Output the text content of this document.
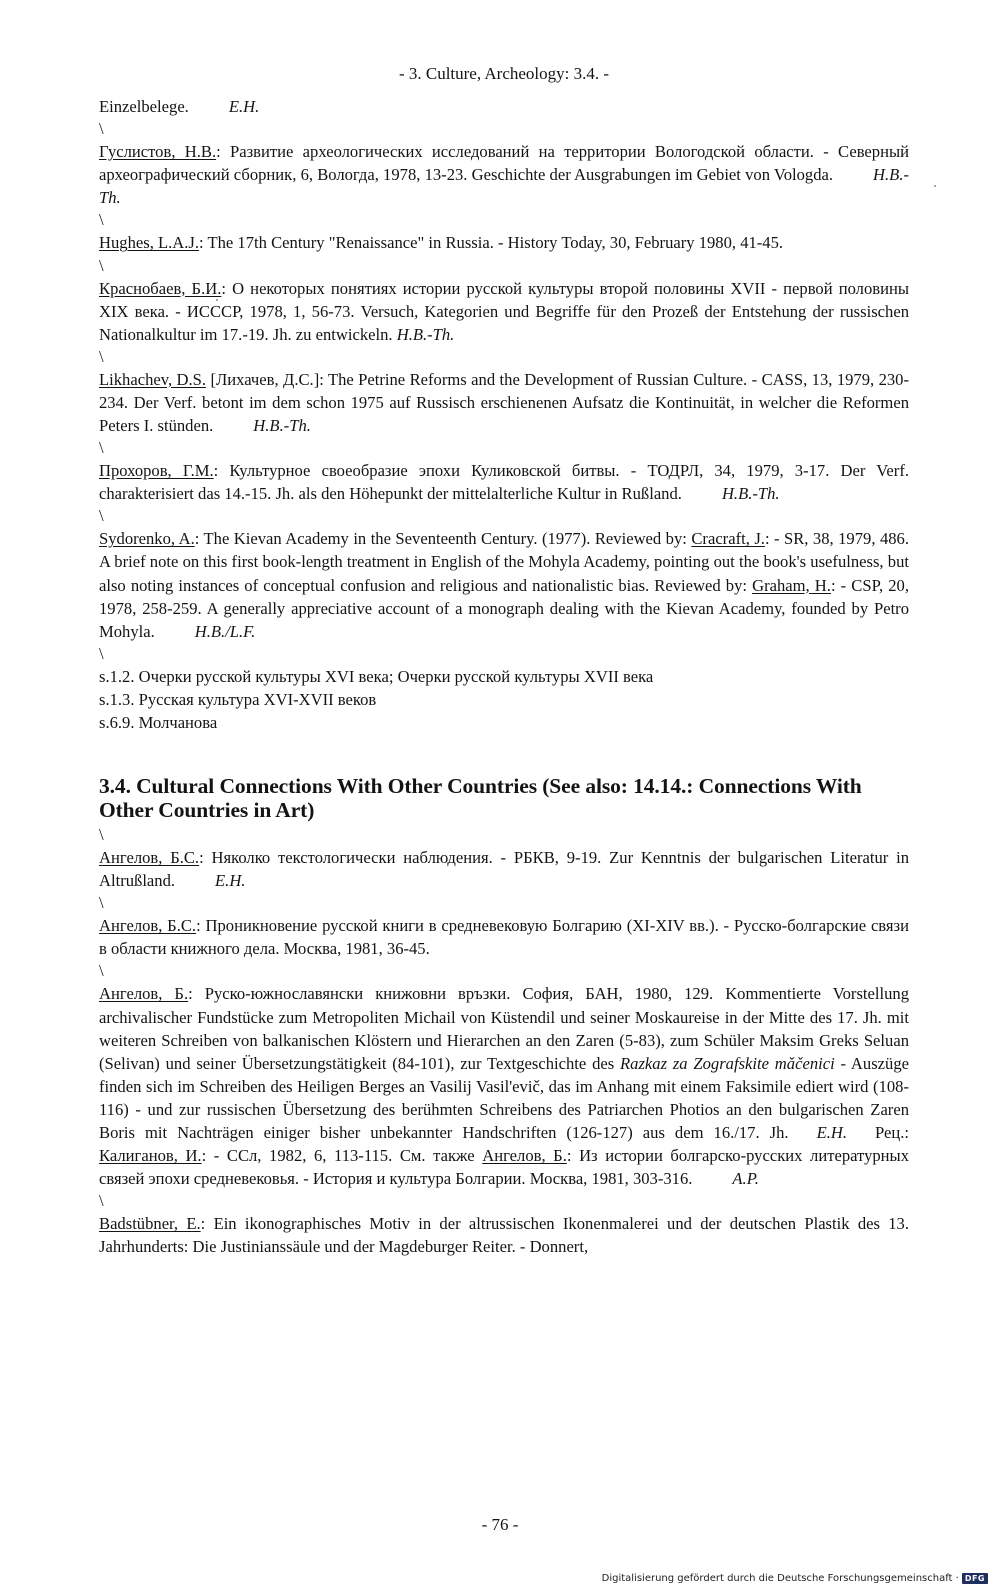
- 3. Culture, Archeology: 3.4. -

Einzelbelege. E.H.

\

Гуслистов, Н.В.: Развитие археологических исследований на территории Вологодской области. - Северный археографический сборник, 6, Вологда, 1978, 13-23. Geschichte der Ausgrabungen im Gebiet von Vologda. H.B.-Th.

\

Hughes, L.A.J.: The 17th Century "Renaissance" in Russia. - History Today, 30, February 1980, 41-45.

\

Краснобаев, Б.И.: О некоторых понятиях истории русской культуры второй половины XVII - первой половины XIX века. - ИСССР, 1978, 1, 56-73. Versuch, Kategorien und Begriffe für den Prozeß der Entstehung der russischen Nationalkultur im 17.-19. Jh. zu entwickeln. H.B.-Th.

\

Likhachev, D.S. [Лихачев, Д.С.]: The Petrine Reforms and the Development of Russian Culture. - CASS, 13, 1979, 230-234. Der Verf. betont im dem schon 1975 auf Russisch erschienenen Aufsatz die Kontinuität, in welcher die Reformen Peters I. stünden. H.B.-Th.

\

Прохоров, Г.М.: Культурное своеобразие эпохи Куликовской битвы. - ТОДРЛ, 34, 1979, 3-17. Der Verf. charakterisiert das 14.-15. Jh. als den Höhepunkt der mittelalterliche Kultur in Rußland. H.B.-Th.

\

Sydorenko, A.: The Kievan Academy in the Seventeenth Century. (1977). Reviewed by: Cracraft, J.: - SR, 38, 1979, 486. A brief note on this first book-length treatment in English of the Mohyla Academy, pointing out the book's usefulness, but also noting instances of conceptual confusion and religious and nationalistic bias. Reviewed by: Graham, H.: - CSP, 20, 1978, 258-259. A generally appreciative account of a monograph dealing with the Kievan Academy, founded by Petro Mohyla. H.B./L.F.

\

s.1.2. Очерки русской культуры XVI века; Очерки русской культуры XVII века

s.1.3. Русская культура XVI-XVII веков

s.6.9. Молчанова

3.4. Cultural Connections With Other Countries (See also: 14.14.: Connections With Other Countries in Art)

\

Ангелов, Б.С.: Няколко текстологически наблюдения. - РБКВ, 9-19. Zur Kenntnis der bulgarischen Literatur in Altrußland. E.H.

\

Ангелов, Б.С.: Проникновение русской книги в средневековую Болгарию (XI-XIV вв.). - Русско-болгарские связи в области книжного дела. Москва, 1981, 36-45.

\

Ангелов, Б.: Руско-южнославянски книжовни връзки. София, БАН, 1980, 129. Kommentierte Vorstellung archivalischer Fundstücke zum Metropoliten Michail von Küstendil und seiner Moskaureise in der Mitte des 17. Jh. mit weiteren Schreiben von balkanischen Klöstern und Hierarchen an den Zaren (5-83), zum Schüler Maksim Greks Seluan (Selivan) und seiner Übersetzungstätigkeit (84-101), zur Textgeschichte des Razkaz za Zografskite mǎčenici - Auszüge finden sich im Schreiben des Heiligen Berges an Vasilij Vasil'evič, das im Anhang mit einem Faksimile ediert wird (108-116) - und zur russischen Übersetzung des berühmten Schreibens des Patriarchen Photios an den bulgarischen Zaren Boris mit Nachträgen einiger bisher unbekannter Handschriften (126-127) aus dem 16./17. Jh. E.H. Рец.: Калиганов, И.: - ССл, 1982, 6, 113-115. См. также Ангелов, Б.: Из истории болгарско-русских литературных связей эпохи средневековья. - История и культура Болгарии. Москва, 1981, 303-316. A.P.

\

Badstübner, E.: Ein ikonographisches Motiv in der altrussischen Ikonenmalerei und der deutschen Plastik des 13. Jahrhunderts: Die Justinianssäule und der Magdeburger Reiter. - Donnert,

- 76 -
Digitalisierung gefördert durch die Deutsche Forschungsgemeinschaft · DFG
